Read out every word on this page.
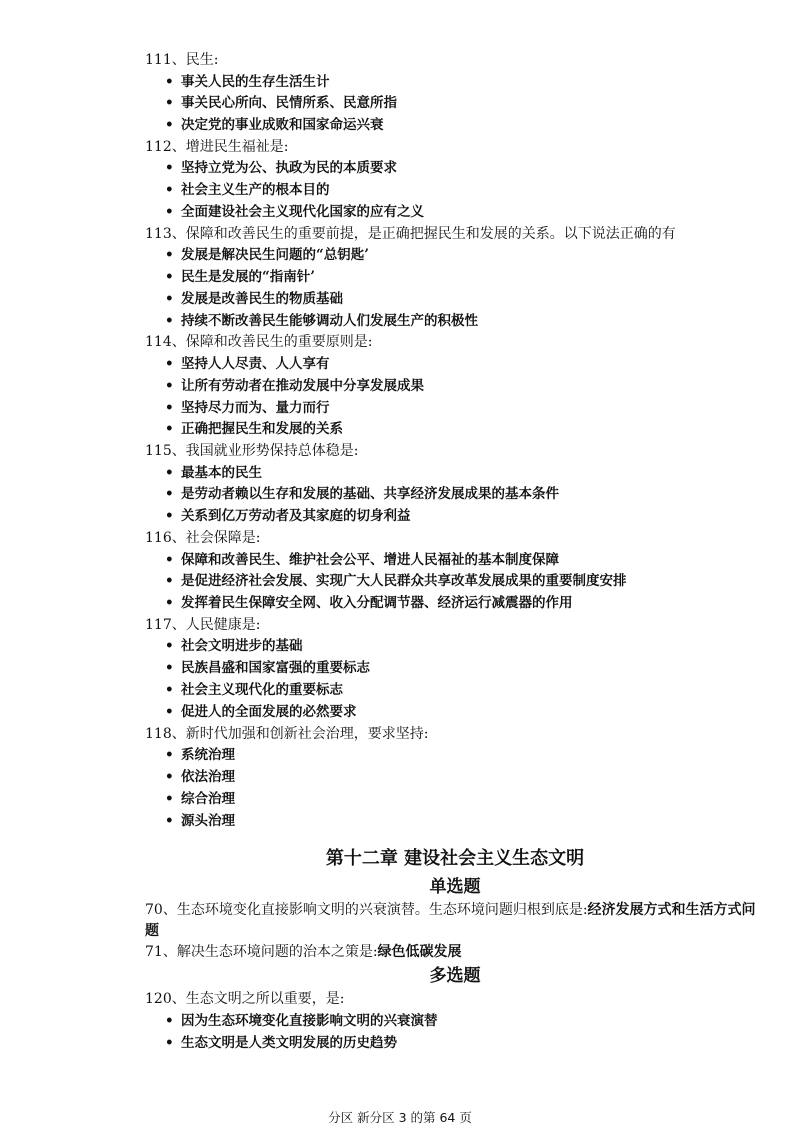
111、民生:

• 事关人民的生存生活生计
• 事关民心所向、民情所系、民意所指
• 决定党的事业成败和国家命运兴衰

112、增进民生福祉是:

• 坚持立党为公、执政为民的本质要求
• 社会主义生产的根本目的
• 全面建设社会主义现代化国家的应有之义

113、保障和改善民生的重要前提，是正确把握民生和发展的关系。以下说法正确的有

• 发展是解决民生问题的“总钥匙’
• 民生是发展的“指南针’
• 发展是改善民生的物质基础
• 持续不断改善民生能够调动人们发展生产的积极性

114、保障和改善民生的重要原则是:

• 坚持人人尽责、人人享有
• 让所有劳动者在推动发展中分享发展成果
• 坚持尽力而为、量力而行
• 正确把握民生和发展的关系

115、我国就业形势保持总体稳是:

• 最基本的民生
• 是劳动者赖以生存和发展的基础、共享经济发展成果的基本条件
• 关系到亿万劳动者及其家庭的切身利益

116、社会保障是:

• 保障和改善民生、维护社会公平、增进人民福祉的基本制度保障
• 是促进经济社会发展、实现广大人民群众共享改革发展成果的重要制度安排
• 发挥着民生保障安全网、收入分配调节器、经济运行减震器的作用

117、人民健康是:

• 社会文明进步的基础
• 民族昌盛和国家富强的重要标志
• 社会主义现代化的重要标志
• 促进人的全面发展的必然要求

118、新时代加强和创新社会治理，要求坚持:

• 系统治理
• 依法治理
• 综合治理
• 源头治理
第十二章 建设社会主义生态文明
单选题

70、生态环境变化直接影响文明的兴衰演替。生态环境问题归根到底是:经济发展方式和生活方式问题

71、解决生态环境问题的治本之策是:绿色低碳发展

多选题

120、生态文明之所以重要，是:

• 因为生态环境变化直接影响文明的兴衰演替
• 生态文明是人类文明发展的历史趋势
分区 新分区 3 的第 64 页
